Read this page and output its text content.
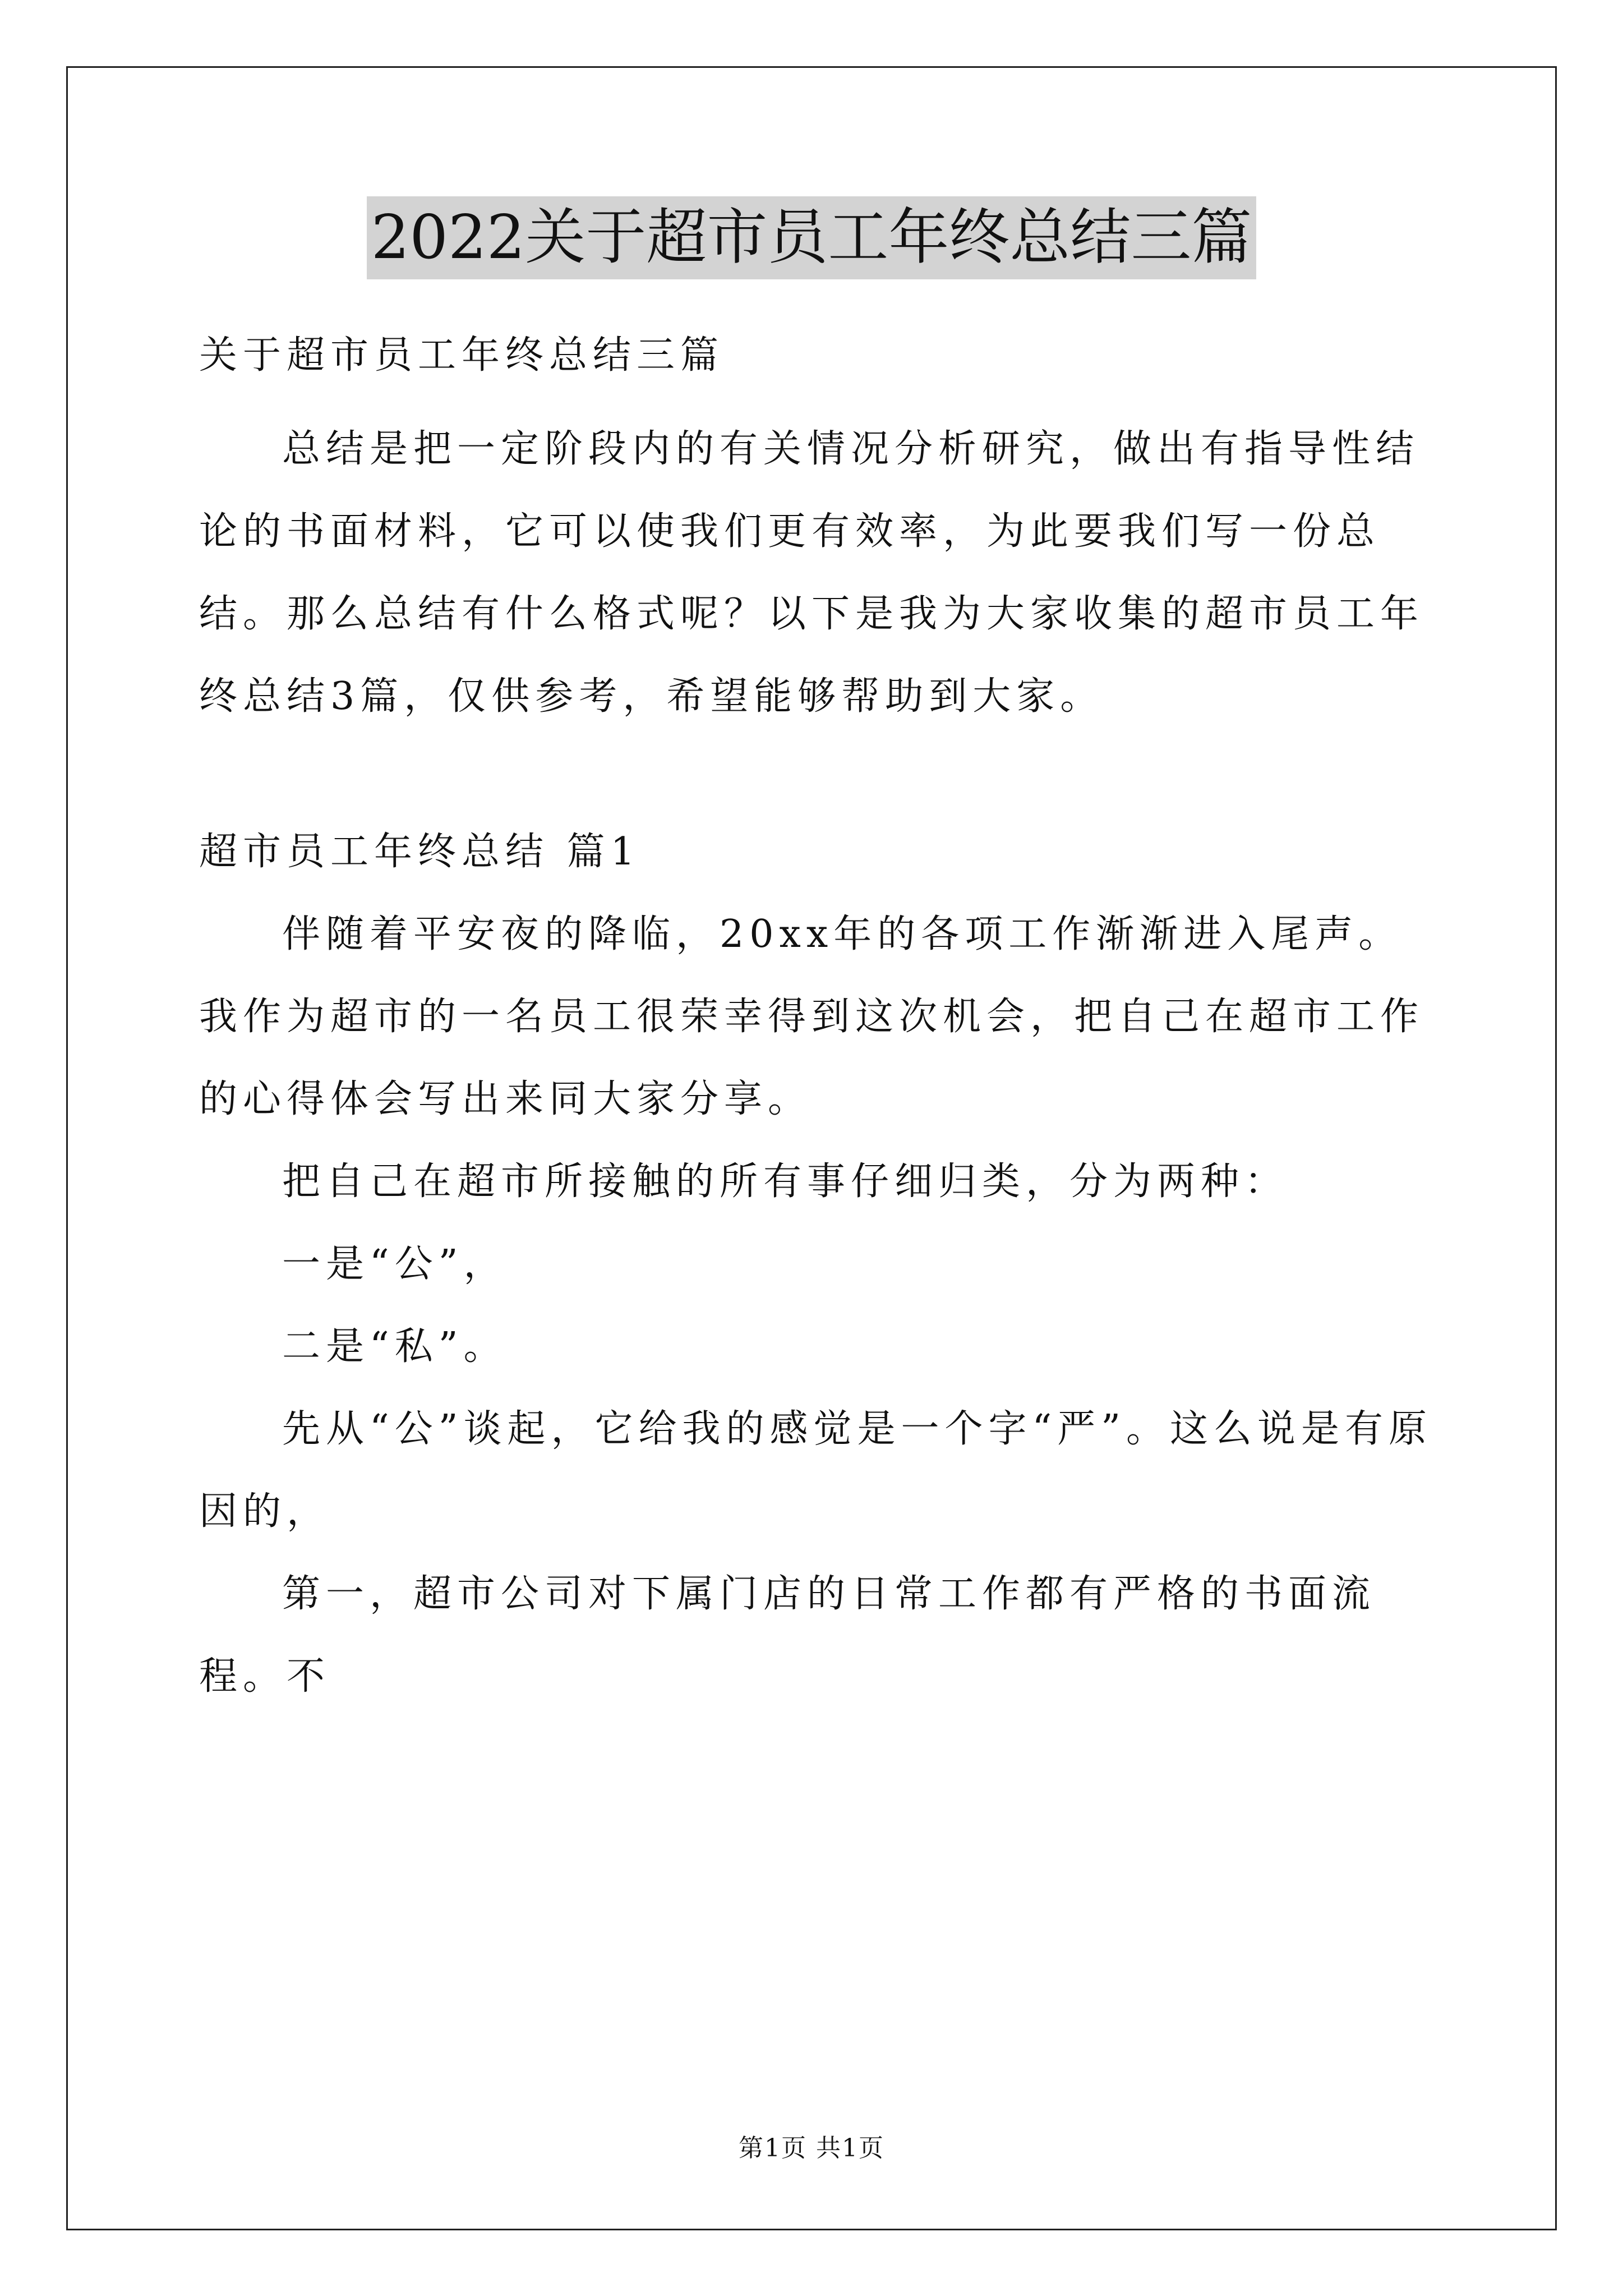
2022关于超市员工年终总结三篇

关于超市员工年终总结三篇

总结是把一定阶段内的有关情况分析研究，做出有指导性结论的书面材料，它可以使我们更有效率，为此要我们写一份总结。那么总结有什么格式呢？以下是我为大家收集的超市员工年终总结3篇，仅供参考，希望能够帮助到大家。

超市员工年终总结 篇1

伴随着平安夜的降临，20xx年的各项工作渐渐进入尾声。我作为超市的一名员工很荣幸得到这次机会，把自己在超市工作的心得体会写出来同大家分享。

把自己在超市所接触的所有事仔细归类，分为两种：

一是“公”，

二是“私”。

先从“公”谈起，它给我的感觉是一个字“严”。这么说是有原因的，

第一，超市公司对下属门店的日常工作都有严格的书面流程。不

第1页 共1页
